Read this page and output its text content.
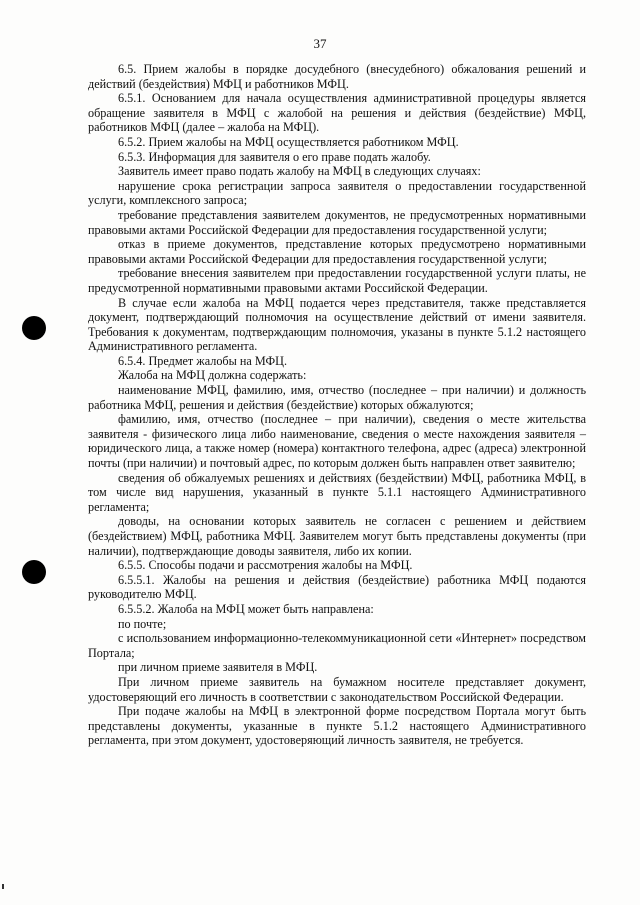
37

6.5. Прием жалобы в порядке досудебного (внесудебного) обжалования решений и действий (бездействия) МФЦ и работников МФЦ.

6.5.1. Основанием для начала осуществления административной процедуры является обращение заявителя в МФЦ с жалобой на решения и действия (бездействие) МФЦ, работников МФЦ (далее – жалоба на МФЦ).

6.5.2. Прием жалобы на МФЦ осуществляется работником МФЦ.

6.5.3. Информация для заявителя о его праве подать жалобу.

Заявитель имеет право подать жалобу на МФЦ в следующих случаях:

нарушение срока регистрации запроса заявителя о предоставлении государственной услуги, комплексного запроса;

требование представления заявителем документов, не предусмотренных нормативными правовыми актами Российской Федерации для предоставления государственной услуги;

отказ в приеме документов, представление которых предусмотрено нормативными правовыми актами Российской Федерации для предоставления государственной услуги;

требование внесения заявителем при предоставлении государственной услуги платы, не предусмотренной нормативными правовыми актами Российской Федерации.

В случае если жалоба на МФЦ подается через представителя, также представляется документ, подтверждающий полномочия на осуществление действий от имени заявителя. Требования к документам, подтверждающим полномочия, указаны в пункте 5.1.2 настоящего Административного регламента.

6.5.4. Предмет жалобы на МФЦ.

Жалоба на МФЦ должна содержать:

наименование МФЦ, фамилию, имя, отчество (последнее – при наличии) и должность работника МФЦ, решения и действия (бездействие) которых обжалуются;

фамилию, имя, отчество (последнее – при наличии), сведения о месте жительства заявителя - физического лица либо наименование, сведения о месте нахождения заявителя – юридического лица, а также номер (номера) контактного телефона, адрес (адреса) электронной почты (при наличии) и почтовый адрес, по которым должен быть направлен ответ заявителю;

сведения об обжалуемых решениях и действиях (бездействии) МФЦ, работника МФЦ, в том числе вид нарушения, указанный в пункте 5.1.1 настоящего Административного регламента;

доводы, на основании которых заявитель не согласен с решением и действием (бездействием) МФЦ, работника МФЦ. Заявителем могут быть представлены документы (при наличии), подтверждающие доводы заявителя, либо их копии.

6.5.5. Способы подачи и рассмотрения жалобы на МФЦ.

6.5.5.1. Жалобы на решения и действия (бездействие) работника МФЦ подаются руководителю МФЦ.

6.5.5.2. Жалоба на МФЦ может быть направлена:

по почте;

с использованием информационно-телекоммуникационной сети «Интернет» посредством Портала;

при личном приеме заявителя в МФЦ.

При личном приеме заявитель на бумажном носителе представляет документ, удостоверяющий его личность в соответствии с законодательством Российской Федерации.

При подаче жалобы на МФЦ в электронной форме посредством Портала могут быть представлены документы, указанные в пункте 5.1.2 настоящего Административного регламента, при этом документ, удостоверяющий личность заявителя, не требуется.
